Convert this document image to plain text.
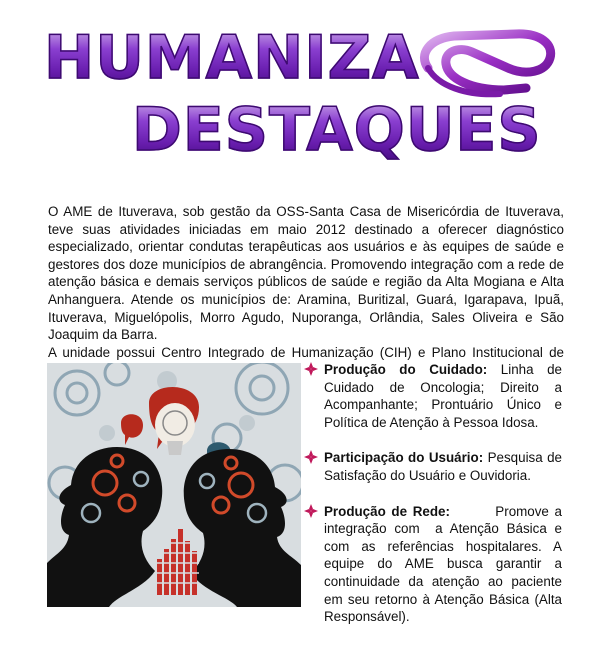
HUMANIZA
DESTAQUES

O AME de Ituverava, sob gestão da OSS-Santa Casa de Misericórdia de Ituverava, teve suas atividades iniciadas em maio 2012 destinado a oferecer diagnóstico especializado, orientar condutas terapêuticas aos usuários e às equipes de saúde e gestores dos doze municípios de abrangência. Promovendo integração com a rede de atenção básica e demais serviços públicos de saúde e região da Alta Mogiana e Alta Anhanguera. Atende os municípios de: Aramina, Buritizal, Guará, Igarapava, Ipuã, Ituverava, Miguelópolis, Morro Agudo, Nuporanga, Orlândia, Sales Oliveira e São Joaquim da Barra.

A unidade possui Centro Integrado de Humanização (CIH) e Plano Institucional de

Produção do Cuidado: Linha de Cuidado de Oncologia; Direito a Acompanhante; Prontuário Único e Política de Atenção à Pessoa Idosa.
Participação do Usuário: Pesquisa de Satisfação do Usuário e Ouvidoria.
Produção de Rede:        Promove a integração com  a Atenção Básica e com as referências hospitalares. A equipe do AME busca garantir a continuidade da atenção ao paciente em seu retorno à Atenção Básica (Alta Responsável).
